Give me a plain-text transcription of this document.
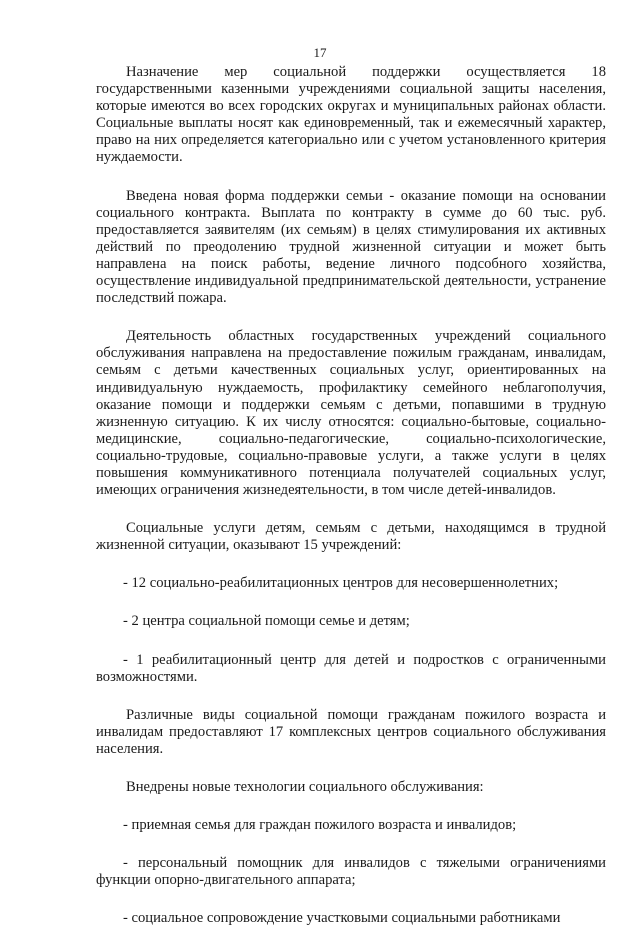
17

Назначение мер социальной поддержки осуществляется 18 государственными казенными учреждениями социальной защиты населения, которые имеются во всех городских округах и муниципальных районах области. Социальные выплаты носят как единовременный, так и ежемесячный характер, право на них определяется категориально или с учетом установленного критерия нуждаемости.

Введена новая форма поддержки семьи - оказание помощи на основании социального контракта. Выплата по контракту в сумме до 60 тыс. руб. предоставляется заявителям (их семьям) в целях стимулирования их активных действий по преодолению трудной жизненной ситуации и может быть направлена на поиск работы, ведение личного подсобного хозяйства, осуществление индивидуальной предпринимательской деятельности, устранение последствий пожара.

Деятельность областных государственных учреждений социального обслуживания направлена на предоставление пожилым гражданам, инвалидам, семьям с детьми качественных социальных услуг, ориентированных на индивидуальную нуждаемость, профилактику семейного неблагополучия, оказание помощи и поддержки семьям с детьми, попавшими в трудную жизненную ситуацию. К их числу относятся: социально-бытовые, социально-медицинские, социально-педагогические, социально-психологические, социально-трудовые, социально-правовые услуги, а также услуги в целях повышения коммуникативного потенциала получателей социальных услуг, имеющих ограничения жизнедеятельности, в том числе детей-инвалидов.

Социальные услуги детям, семьям с детьми, находящимся в трудной жизненной ситуации, оказывают 15 учреждений:

- 12 социально-реабилитационных центров для несовершеннолетних;

- 2 центра социальной помощи семье и детям;

- 1 реабилитационный центр для детей и подростков с ограниченными возможностями.

Различные виды социальной помощи гражданам пожилого возраста и инвалидам предоставляют 17 комплексных центров социального обслуживания населения.

Внедрены новые технологии социального обслуживания:

- приемная семья для граждан пожилого возраста и инвалидов;

- персональный помощник для инвалидов с тяжелыми ограничениями функции опорно-двигательного аппарата;

- социальное сопровождение участковыми социальными работниками
